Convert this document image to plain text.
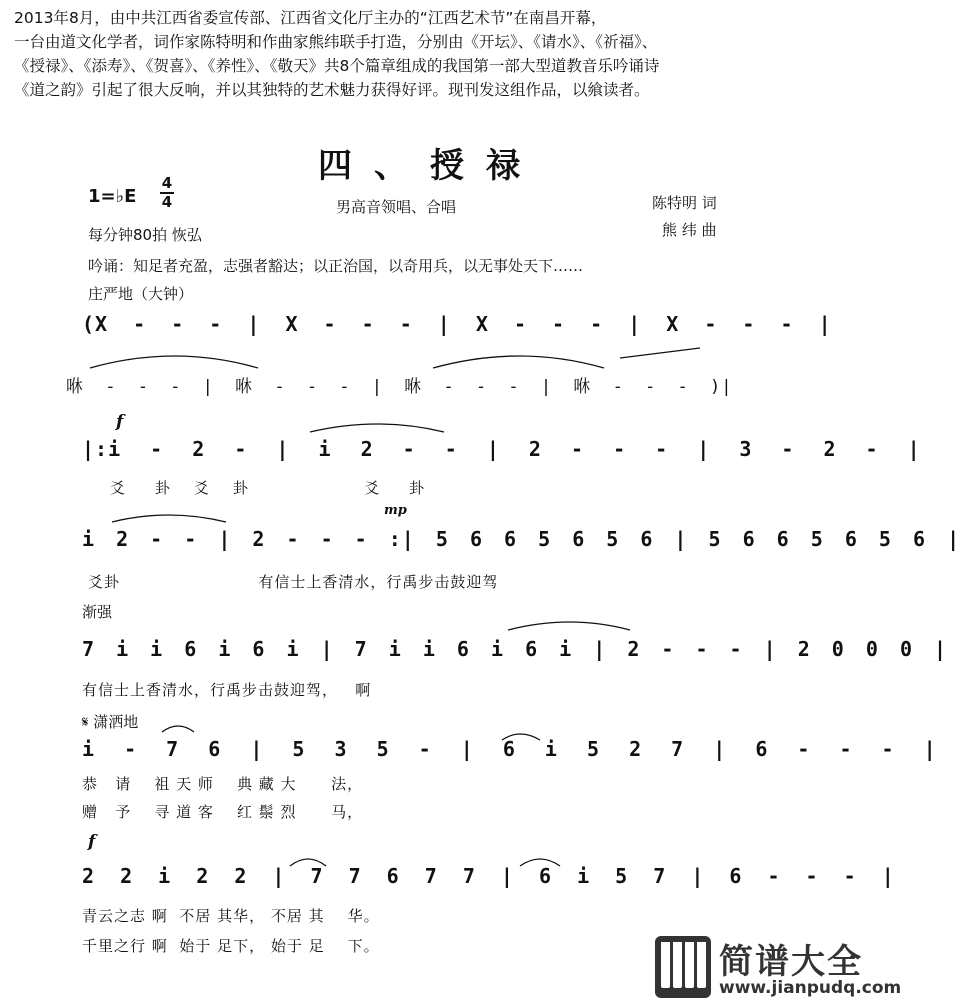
2013年8月，由中共江西省委宣传部、江西省文化厅主办的“江西艺术节”在南昌开幕，

一台由道文化学者，词作家陈特明和作曲家熊纬联手打造，分别由《开坛》、《请水》、《祈福》、

《授禄》、《添寿》、《贺喜》、《养性》、《敬天》共8个篇章组成的我国第一部大型道教音乐吟诵诗

《道之韵》引起了很大反响，并以其独特的艺术魅力获得好评。现刊发这组作品，以飨读者。

四、授禄
1=♭E
4
4	男高音领唱、合唱	陈特明 词
每分钟80拍 恢弘	熊 纬 曲
吟诵：知足者充盈，志强者豁达；以正治国，以奇用兵，以无事处天下……
庄严地（大钟）
(X - - - | X - - - | X - - - | X - - - |
咻 - - - | 咻 - - - | 咻 - - - | 咻 - - - )|
f
|:i - 2 - | i 2 - - | 2 - - - | 3 - 2 - |
爻     卦    爻    卦                    爻     卦
mp
i 2 - - | 2 - - - :| 5 6 6 5 6 5 6 | 5 6 6 5 6 5 6 |
爻卦                        有信士上香清水，行禹步击鼓迎驾
渐强
7 i i 6 i 6 i | 7 i i 6 i 6 i | 2 - - - | 2 0 0 0 |
有信士上香清水，行禹步击鼓迎驾，   啊
𝄋 潇洒地
i - 7 6 | 5 3 5 - | 6 i 5 2 7 | 6 - - - |
恭   请    祖 天 师    典 藏 大      法，
赠   予    寻 道 客    红 鬃 烈      马，
f
2 2 i 2 2 | 7 7 6 7 7 | 6 i 5 7 | 6 - - - |
青云之志 啊  不居 其华， 不居 其    华。
千里之行 啊  始于 足下， 始于 足    下。	简谱大全
www.jianpudq.com
